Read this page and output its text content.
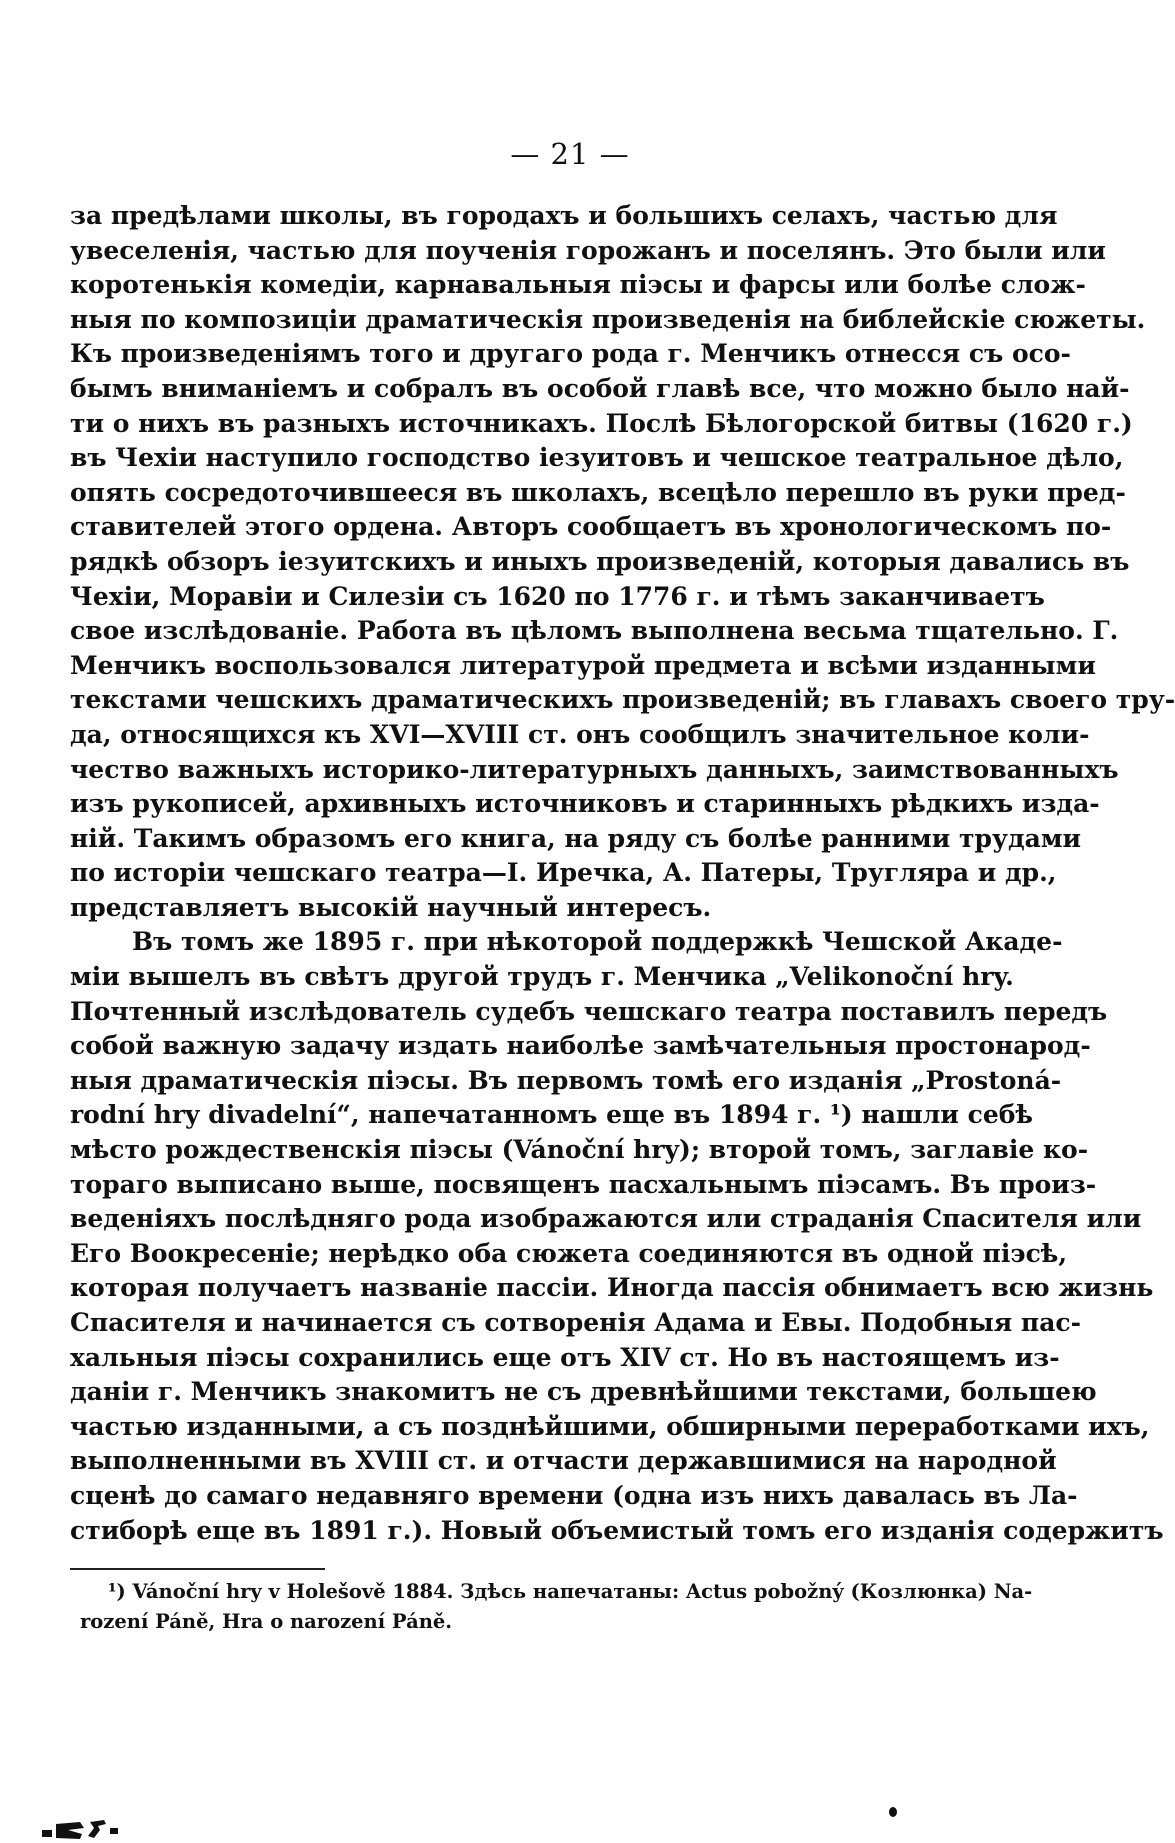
— 21 —
за предѣлами школы, въ городахъ и большихъ селахъ, частью для
увеселенія, частью для поученія горожанъ и поселянъ. Это были или
коротенькія комедіи, карнавальныя піэсы и фарсы или болѣе слож-
ныя по композиціи драматическія произведенія на библейскіе сюжеты.
Къ произведеніямъ того и другаго рода г. Менчикъ отнесся съ осо-
бымъ вниманіемъ и собралъ въ особой главѣ все, что можно было най-
ти о нихъ въ разныхъ источникахъ. Послѣ Бѣлогорской битвы (1620 г.)
въ Чехіи наступило господство іезуитовъ и чешское театральное дѣло,
опять сосредоточившееся въ школахъ, всецѣло перешло въ руки пред-
ставителей этого ордена. Авторъ сообщаетъ въ хронологическомъ по-
рядкѣ обзоръ іезуитскихъ и иныхъ произведеній, которыя давались въ
Чехіи, Моравіи и Силезіи съ 1620 по 1776 г. и тѣмъ заканчиваетъ
свое изслѣдованіе. Работа въ цѣломъ выполнена весьма тщательно. Г.
Менчикъ воспользовался литературой предмета и всѣми изданными
текстами чешскихъ драматическихъ произведеній; въ главахъ своего тру-
да, относящихся къ XVI—XVIII ст. онъ сообщилъ значительное коли-
чество важныхъ историко-литературныхъ данныхъ, заимствованныхъ
изъ рукописей, архивныхъ источниковъ и старинныхъ рѣдкихъ изда-
ній. Такимъ образомъ его книга, на ряду съ болѣе ранними трудами
по исторіи чешскаго театра—І. Иречка, А. Патеры, Труглярa и др.,
представляетъ высокій научный интересъ.
Въ томъ же 1895 г. при нѣкоторой поддержкѣ Чешской Акаде-
міи вышелъ въ свѣтъ другой трудъ г. Менчика „Velikonoční hry.
Почтенный изслѣдователь судебъ чешскаго театра поставилъ передъ
собой важную задачу издать наиболѣе замѣчательныя простонарод-
ныя драматическія піэсы. Въ первомъ томѣ его изданія „Prostoná-
rodní hry divadelní“, напечатанномъ еще въ 1894 г. ¹) нашли себѣ
мѣсто рождественскія піэсы (Vánoční hry); второй томъ, заглавіе ко-
тораго выписано выше, посвященъ пасхальнымъ піэсамъ. Въ произ-
веденіяхъ послѣдняго рода изображаются или страданія Спасителя или
Его Воокресеніе; нерѣдко оба сюжета соединяются въ одной піэсѣ,
которая получаетъ названіе пассіи. Иногда пассія обнимаетъ всю жизнь
Спасителя и начинается съ сотворенія Адама и Евы. Подобныя пас-
хальныя піэсы сохранились еще отъ XIV ст. Но въ настоящемъ из-
даніи г. Менчикъ знакомитъ не съ древнѣйшими текстами, большею
частью изданными, а съ позднѣйшими, обширными переработками ихъ,
выполненными въ XVIII ст. и отчасти державшимися на народной
сценѣ до самаго недавняго времени (одна изъ нихъ давалась въ Ла-
стиборѣ еще въ 1891 г.). Новый объемистый томъ его изданія содержитъ
¹) Vánoční hry v Holešově 1884. Здѣсь напечатаны: Actus pobožný (Козлюнка) Na-
rození Páně, Hra o narození Páně.
